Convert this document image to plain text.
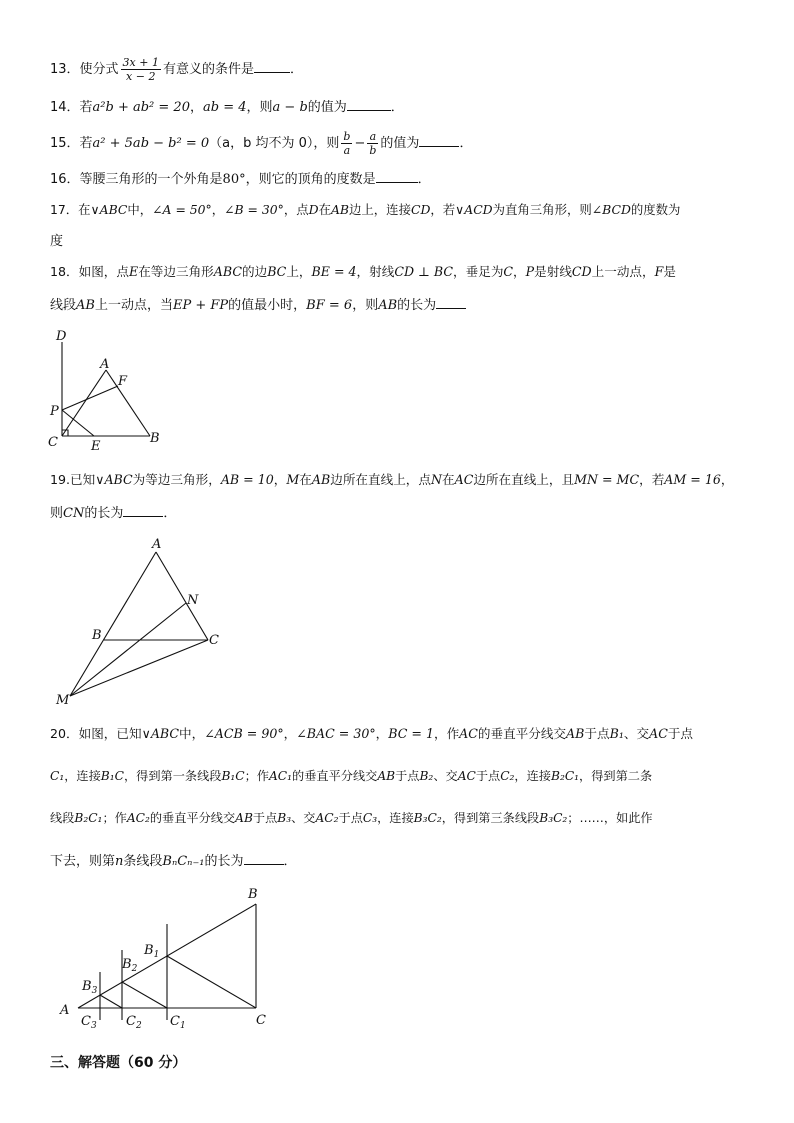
13．使分式 $\frac{3x + 1}{x - 2}$ 有意义的条件是	．
14．若a²b + ab² = 20，ab = 4，则a − b的值为	．
15．若a² + 5ab − b² = 0（a，b 均不为 0），则 $\frac{b}{a} - \frac{a}{b}$ 的值为	．
16．等腰三角形的一个外角是80°，则它的顶角的度数是	．
17．在∨ABC中，∠A = 50°，∠B = 30°，点D在AB边上，连接CD，若∨ACD为直角三角形，则∠BCD的度数为
度
18．如图，点E在等边三角形ABC的边BC上，BE = 4，射线CD ⊥ BC，垂足为C，P是射线CD上一动点，F是
线段AB上一动点，当EP + FP的值最小时，BF = 6，则AB的长为
D
A
F
P
C	E
B
19.已知∨ABC为等边三角形，AB = 10，M在AB边所在直线上，点N在AC边所在直线上，且MN = MC，若AM = 16，
则CN的长为	．
A
N
B	C
M
20．如图，已知∨ABC中，∠ACB = 90°，∠BAC = 30°，BC = 1，作AC的垂直平分线交AB于点B₁、交AC于点
C₁，连接B₁C，得到第一条线段B₁C；作AC₁的垂直平分线交AB于点B₂、交AC于点C₂，连接B₂C₁，得到第二条
线段B₂C₁；作AC₂的垂直平分线交AB于点B₃、交AC₂于点C₃，连接B₃C₂，得到第三条线段B₃C₂；……，如此作
下去，则第n条线段BₙCₙ₋₁的长为	．
B
$B_1$
$B_2$
$B_3$
A
$C_3$ $C_2$ $C_1$	C
三、解答题（60 分）
